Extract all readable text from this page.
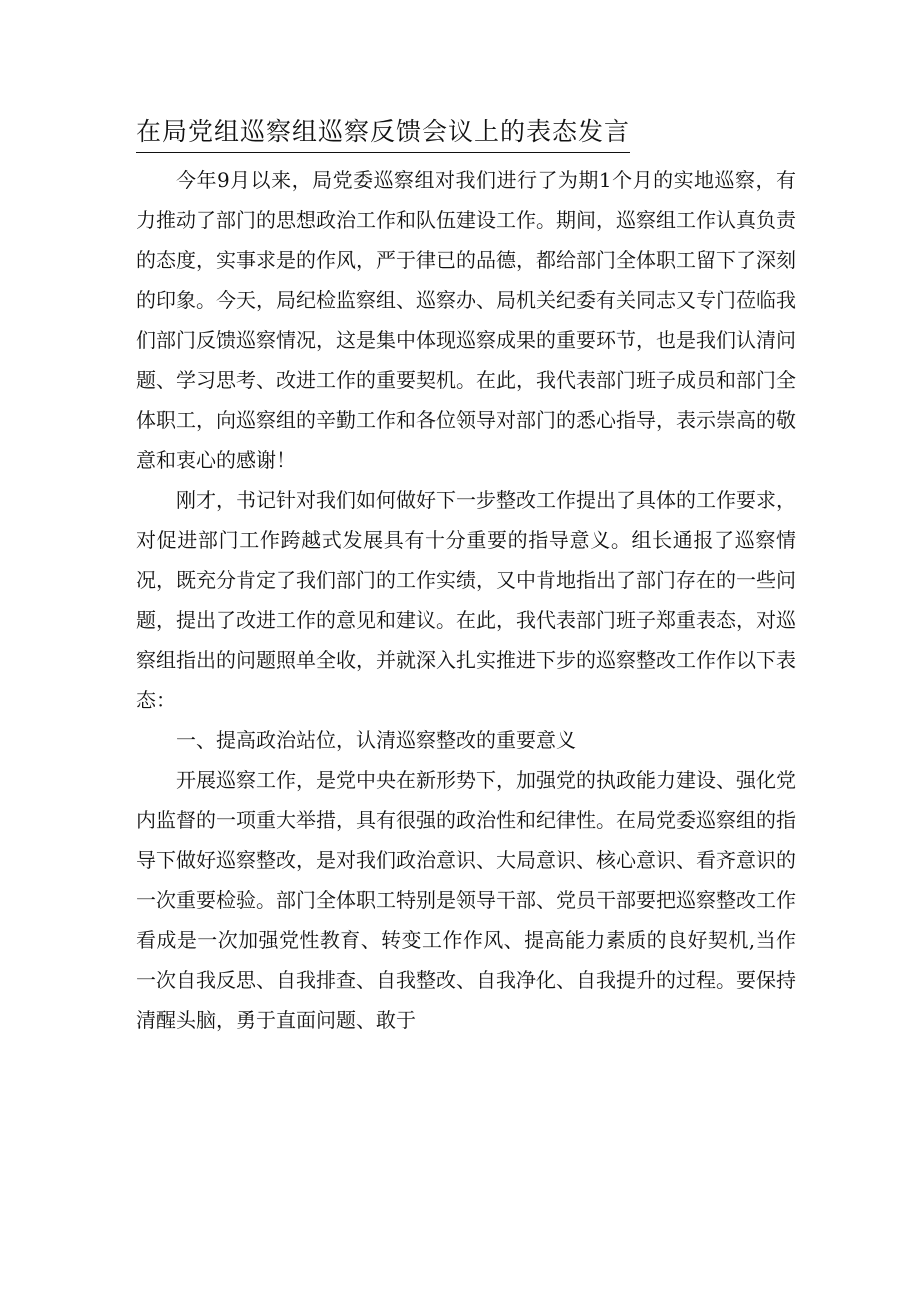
在局党组巡察组巡察反馈会议上的表态发言

今年9月以来，局党委巡察组对我们进行了为期1个月的实地巡察，有力推动了部门的思想政治工作和队伍建设工作。期间，巡察组工作认真负责的态度，实事求是的作风，严于律已的品德，都给部门全体职工留下了深刻的印象。今天，局纪检监察组、巡察办、局机关纪委有关同志又专门莅临我们部门反馈巡察情况，这是集中体现巡察成果的重要环节，也是我们认清问题、学习思考、改进工作的重要契机。在此，我代表部门班子成员和部门全体职工，向巡察组的辛勤工作和各位领导对部门的悉心指导，表示崇高的敬意和衷心的感谢！

刚才，书记针对我们如何做好下一步整改工作提出了具体的工作要求，对促进部门工作跨越式发展具有十分重要的指导意义。组长通报了巡察情况，既充分肯定了我们部门的工作实绩，又中肯地指出了部门存在的一些问题，提出了改进工作的意见和建议。在此，我代表部门班子郑重表态，对巡察组指出的问题照单全收，并就深入扎实推进下步的巡察整改工作作以下表态：

一、提高政治站位，认清巡察整改的重要意义

开展巡察工作，是党中央在新形势下，加强党的执政能力建设、强化党内监督的一项重大举措，具有很强的政治性和纪律性。在局党委巡察组的指导下做好巡察整改，是对我们政治意识、大局意识、核心意识、看齐意识的一次重要检验。部门全体职工特别是领导干部、党员干部要把巡察整改工作看成是一次加强党性教育、转变工作作风、提高能力素质的良好契机,当作一次自我反思、自我排查、自我整改、自我净化、自我提升的过程。要保持清醒头脑，勇于直面问题、敢于
